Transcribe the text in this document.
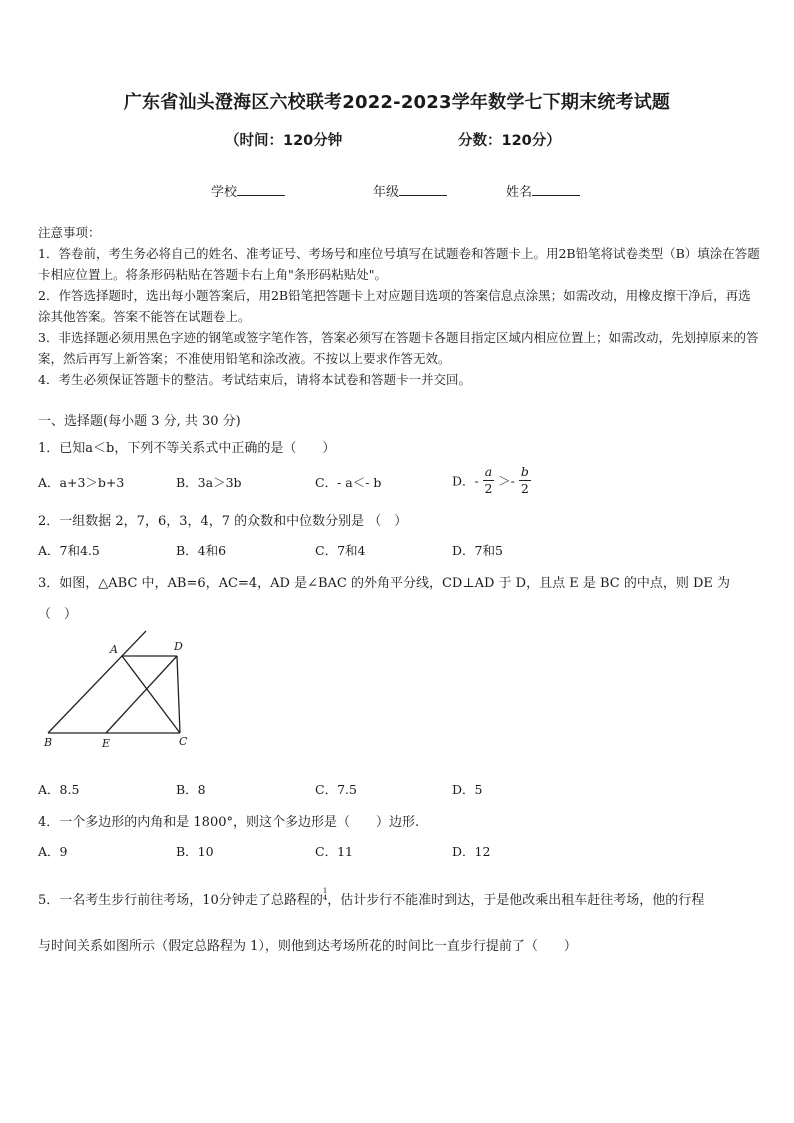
广东省汕头澄海区六校联考2022-2023学年数学七下期末统考试题
（时间：120分钟	分数：120分）
学校	年级	姓名
注意事项：
1．答卷前，考生务必将自己的姓名、准考证号、考场号和座位号填写在试题卷和答题卡上。用2B铅笔将试卷类型（B）填涂在答题卡相应位置上。将条形码粘贴在答题卡右上角"条形码粘贴处"。
2．作答选择题时，选出每小题答案后，用2B铅笔把答题卡上对应题目选项的答案信息点涂黑；如需改动，用橡皮擦干净后，再选涂其他答案。答案不能答在试题卷上。
3．非选择题必须用黑色字迹的钢笔或签字笔作答，答案必须写在答题卡各题目指定区域内相应位置上；如需改动，先划掉原来的答案，然后再写上新答案；不准使用铅笔和涂改液。不按以上要求作答无效。
4．考生必须保证答题卡的整洁。考试结束后，请将本试卷和答题卡一并交回。
一、选择题(每小题 3 分, 共 30 分)
1．已知a＜b，下列不等关系式中正确的是（　　）
A．a+3＞b+3	B．3a＞3b	C．- a＜- b	D．- $\frac{a}{2} >- \frac{b}{2}$
2．一组数据 2，7，6，3，4，7 的众数和中位数分别是 （　）
A．7和4.5	B．4和6	C．7和4	D．7和5
3．如图，△ABC 中，AB=6，AC=4，AD 是∠BAC 的外角平分线，CD⊥AD 于 D，且点 E 是 BC 的中点，则 DE 为
（　）
A	D
B	E	C
A．8.5	B．8	C．7.5	D．5
4．一个多边形的内角和是 1800°，则这个多边形是（　　）边形.
A．9	B．10	C．11	D．12
5．一名考生步行前往考场，10分钟走了总路程的
1
4 ，估计步行不能准时到达，于是他改乘出租车赶往考场，他的行程
与时间关系如图所示（假定总路程为 1），则他到达考场所花的时间比一直步行提前了（　　）
